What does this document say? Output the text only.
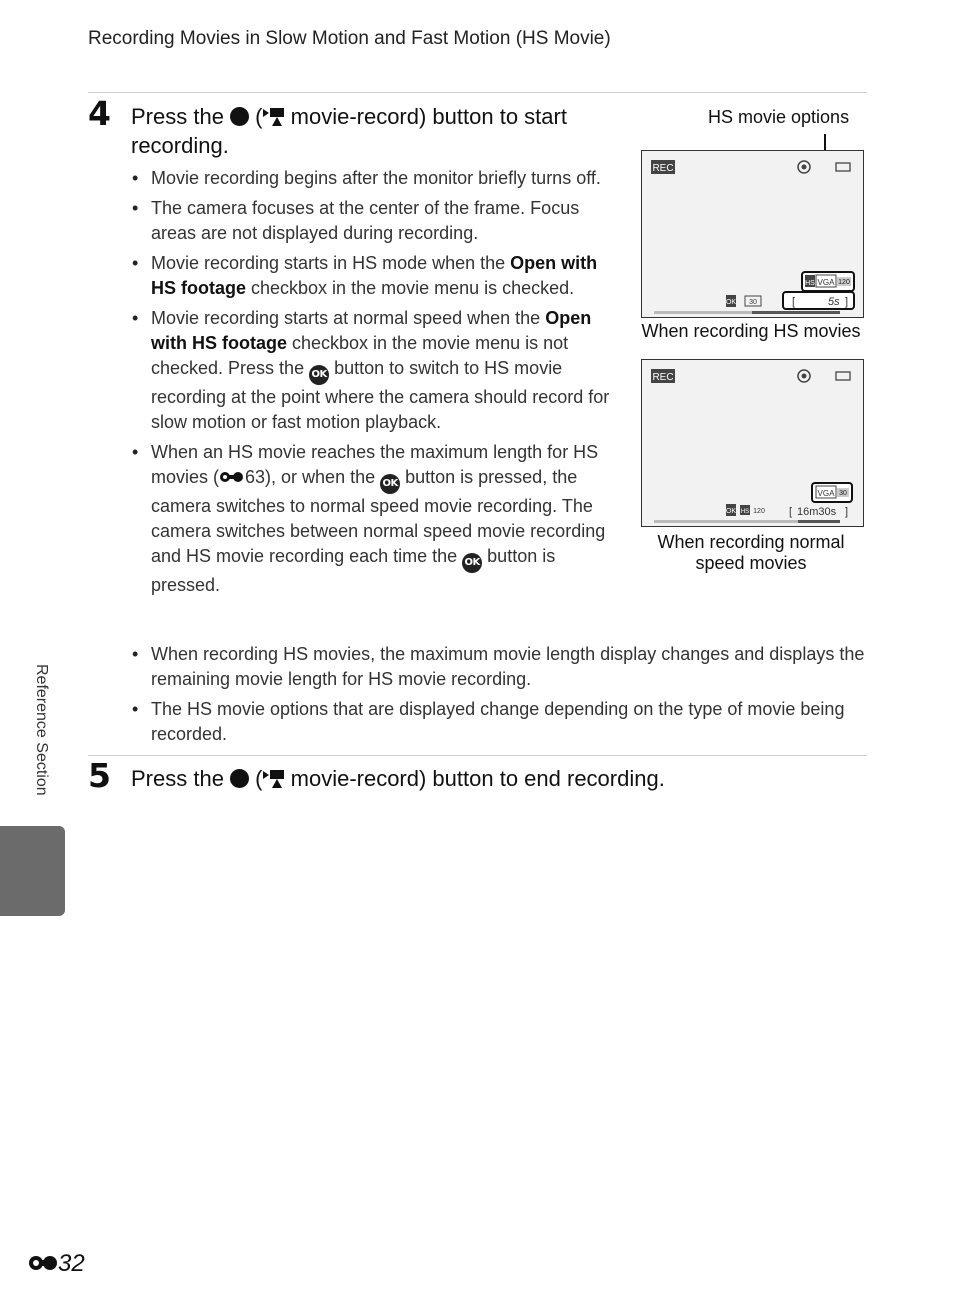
Recording Movies in Slow Motion and Fast Motion (HS Movie)
4 Press the  ( movie-record) button to start recording.
• Movie recording begins after the monitor briefly turns off.
• The camera focuses at the center of the frame. Focus areas are not displayed during recording.
• Movie recording starts in HS mode when the Open with HS footage checkbox in the movie menu is checked.
• Movie recording starts at normal speed when the Open with HS footage checkbox in the movie menu is not checked. Press the OK button to switch to HS movie recording at the point where the camera should record for slow motion or fast motion playback.
• When an HS movie reaches the maximum length for HS movies ( 63), or when the OK button is pressed, the camera switches to normal speed movie recording. The camera switches between normal speed movie recording and HS movie recording each time the OK button is pressed.
• When recording HS movies, the maximum movie length display changes and displays the remaining movie length for HS movie recording.
• The HS movie options that are displayed change depending on the type of movie being recorded.
HS movie options
REC
HS VGA 120
OK 30	[	5s ]
When recording HS movies
REC
VGA 30
OK HS 120 [ 16m30s ]
When recording normal
speed movies
5 Press the  ( movie-record) button to end recording.
Reference Section
32
